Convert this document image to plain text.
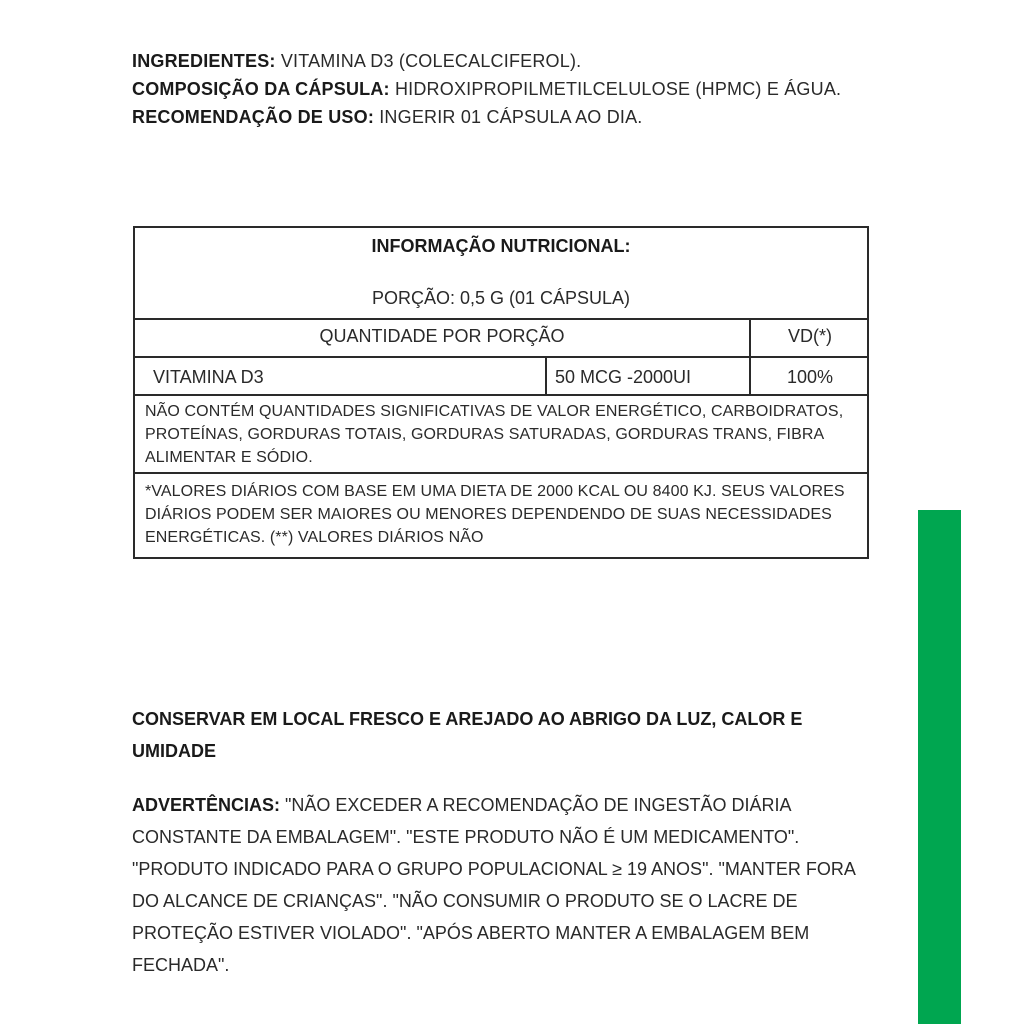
INGREDIENTES: VITAMINA D3 (COLECALCIFEROL).

COMPOSIÇÃO DA CÁPSULA: HIDROXIPROPILMETILCELULOSE (HPMC) E ÁGUA.

RECOMENDAÇÃO DE USO: INGERIR 01 CÁPSULA AO DIA.

INFORMAÇÃO NUTRICIONAL:
PORÇÃO: 0,5 G (01 CÁPSULA)
QUANTIDADE POR PORÇÃO	VD(*)
VITAMINA D3	50 MCG -2000UI	100%
NÃO CONTÉM QUANTIDADES SIGNIFICATIVAS DE VALOR ENERGÉTICO, CARBOIDRATOS, PROTEÍNAS, GORDURAS TOTAIS, GORDURAS SATURADAS, GORDURAS TRANS, FIBRA ALIMENTAR E SÓDIO.
*VALORES DIÁRIOS COM BASE EM UMA DIETA DE 2000 KCAL OU 8400 KJ. SEUS VALORES DIÁRIOS PODEM SER MAIORES OU MENORES DEPENDENDO DE SUAS NECESSIDADES ENERGÉTICAS. (**) VALORES DIÁRIOS NÃO
CONSERVAR EM LOCAL FRESCO E AREJADO AO ABRIGO DA LUZ, CALOR E UMIDADE

ADVERTÊNCIAS: "NÃO EXCEDER A RECOMENDAÇÃO DE INGESTÃO DIÁRIA CONSTANTE DA EMBALAGEM". "ESTE PRODUTO NÃO É UM MEDICAMENTO". "PRODUTO INDICADO PARA O GRUPO POPULACIONAL ≥ 19 ANOS". "MANTER FORA DO ALCANCE DE CRIANÇAS". "NÃO CONSUMIR O PRODUTO SE O LACRE DE PROTEÇÃO ESTIVER VIOLADO". "APÓS ABERTO MANTER A EMBALAGEM BEM FECHADA".
